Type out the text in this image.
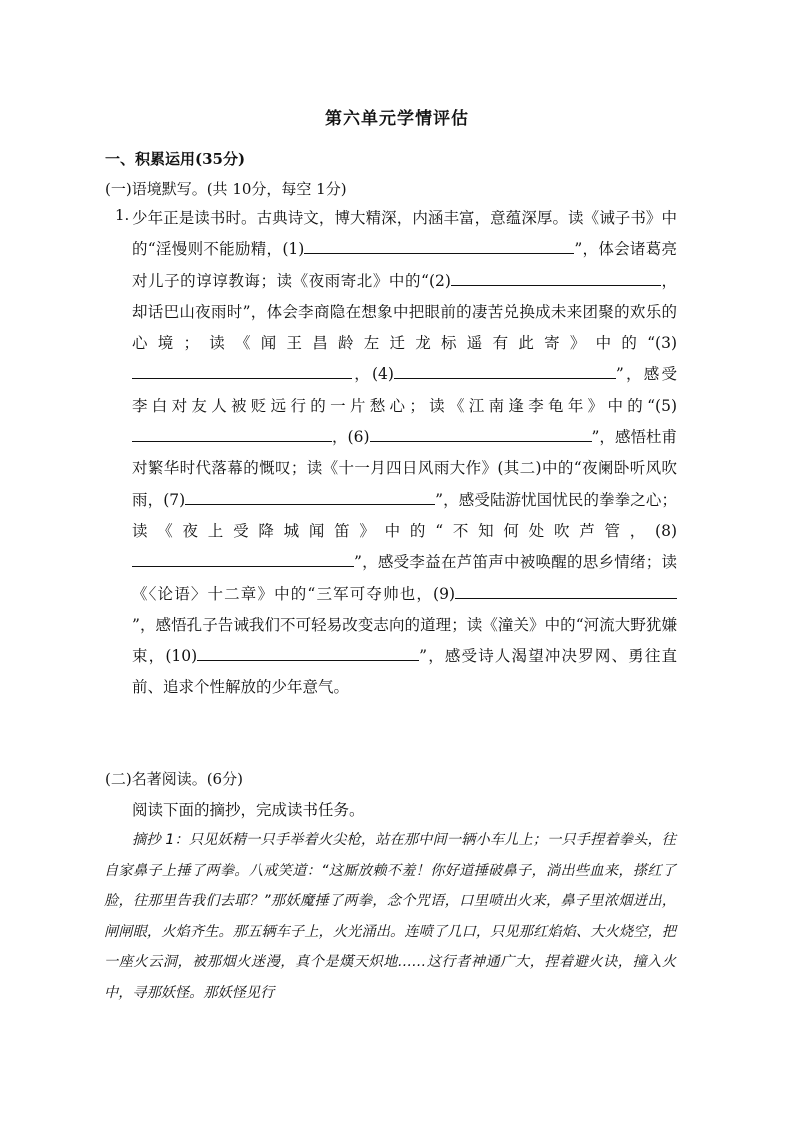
第六单元学情评估
一、积累运用(35分)
(一)语境默写。(共 10分，每空 1分)
1. 少年正是读书时。古典诗文，博大精深，内涵丰富，意蕴深厚。读《诫子书》中的“淫慢则不能励精，(1)	”，体会诸葛亮对儿子的谆谆教诲；读《夜雨寄北》中的“(2)	，却话巴山夜雨时”，体会李商隐在想象中把眼前的凄苦兑换成未来团聚的欢乐的心境；读《闻王昌龄左迁龙标遥有此寄》中的“(3)，(4)	”，感受李白对友人被贬远行的一片愁心；读《江南逢李龟年》中的“(5)，(6)	”，感悟杜甫对繁华时代落幕的慨叹；读《十一月四日风雨大作》(其二)中的“夜阑卧听风吹雨，(7)	”，感受陆游忧国忧民的拳拳之心；读《夜上受降城闻笛》中的“不知何处吹芦管，(8)”，感受李益在芦笛声中被唤醒的思乡情绪；读《〈论语〉十二章》中的“三军可夺帅也，(9)”，感悟孔子告诫我们不可轻易改变志向的道理；读《潼关》中的“河流大野犹嫌束，(10)	”，感受诗人渴望冲决罗网、勇往直前、追求个性解放的少年意气。
(二)名著阅读。(6分)
阅读下面的摘抄，完成读书任务。
摘抄 1：只见妖精一只手举着火尖枪，站在那中间一辆小车儿上；一只手捏着拳头，往自家鼻子上捶了两拳。八戒笑道：“这厮放赖不羞！你好道捶破鼻子，淌出些血来，搽红了脸，往那里告我们去耶？”那妖魔捶了两拳，念个咒语，口里喷出火来，鼻子里浓烟迸出，闸闸眼，火焰齐生。那五辆车子上，火光涌出。连喷了几口，只见那红焰焰、大火烧空，把一座火云洞，被那烟火迷漫，真个是熯天炽地……这行者神通广大，捏着避火诀，撞入火中，寻那妖怪。那妖怪见行
